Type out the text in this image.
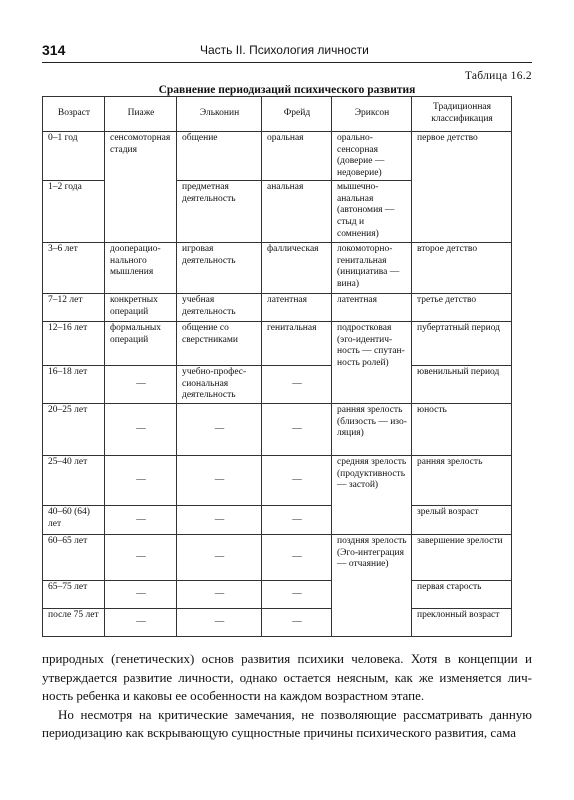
314	Часть II. Психология личности
Таблица 16.2
Сравнение периодизаций психического развития
Возраст	Пиаже	Эльконин	Фрейд	Эриксон	Традиционная классификация
0–1 год	сенсомоторная стадия	общение	оральная	орально-сенсорная (доверие — недоверие)	первое детство
1–2 года		предметная деятельность	анальная	мышечно-анальная (автономия — стыд и сомнения)	
3–6 лет	дооперационального мышления	игровая деятельность	фаллическая	локомоторно-генитальная (инициатива — вина)	второе детство
7–12 лет	конкретных операций	учебная деятельность	латентная	латентная	третье детство
12–16 лет	формальных операций	общение со сверстниками	генитальная	подростковая (эго-идентичность — спутанность ролей)	пубертатный период
16–18 лет	—	учебно-профессиональная деятельность	—		ювенильный период
20–25 лет	—	—	—	ранняя зрелость (близость — изоляция)	юность
25–40 лет	—	—	—	средняя зрелость (продуктивность — застой)	ранняя зрелость
40–60 (64) лет	—	—	—		зрелый возраст
60–65 лет	—	—	—	поздняя зрелость (Эго-интеграция — отчаяние)	завершение зрелости
65–75 лет	—	—	—		первая старость
после 75 лет	—	—	—		преклонный возраст

природных (генетических) основ развития психики человека. Хотя в концепции и утверждается развитие личности, однако остается неясным, как же изменяется личность ребенка и каковы ее особенности на каждом возрастном этапе.

Но несмотря на критические замечания, не позволяющие рассматривать данную периодизацию как вскрывающую сущностные причины психического развития, сама
